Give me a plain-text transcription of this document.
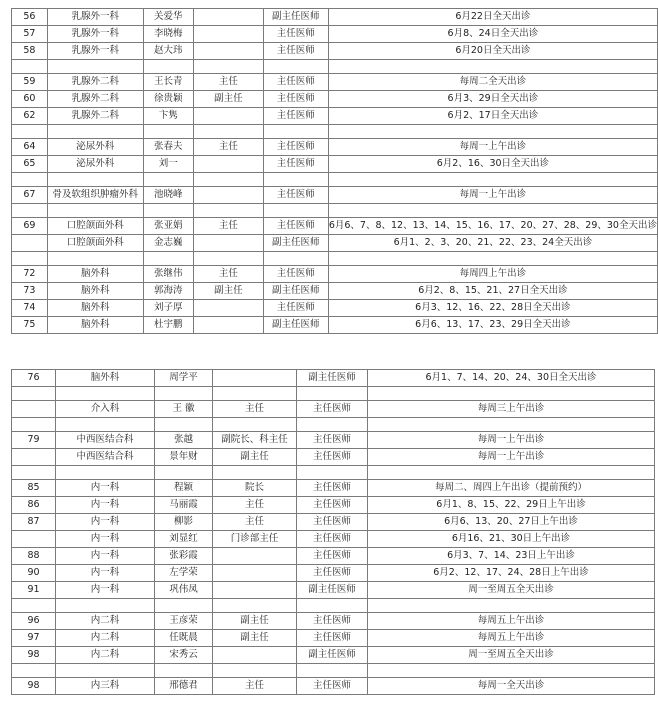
56	乳腺外一科	关爱华		副主任医师	6月22日全天出诊
57	乳腺外一科	李晓梅		主任医师	6月8、24日全天出诊
58	乳腺外一科	赵大玮		主任医师	6月20日全天出诊

59	乳腺外二科	王长青	主任	主任医师	每周二全天出诊
60	乳腺外二科	徐贵颖	副主任	主任医师	6月3、29日全天出诊
62	乳腺外二科	卞隽		主任医师	6月2、17日全天出诊

64	泌尿外科	张春夫	主任	主任医师	每周一上午出诊
65	泌尿外科	刘一		主任医师	6月2、16、30日全天出诊

67	骨及软组织肿瘤外科	池晓峰		主任医师	每周一上午出诊

69	口腔颌面外科	张亚娟	主任	主任医师	6月6、7、8、12、13、14、15、16、17、20、27、28、29、30全天出诊
	口腔颌面外科	金志巍		副主任医师	6月1、2、3、20、21、22、23、24全天出诊

72	脑外科	张继伟	主任	主任医师	每周四上午出诊
73	脑外科	郭海涛	副主任	副主任医师	6月2、8、15、21、27日全天出诊
74	脑外科	刘子厚		主任医师	6月3、12、16、22、28日全天出诊
75	脑外科	杜宇鹏		副主任医师	6月6、13、17、23、29日全天出诊
76	脑外科	周学平		副主任医师	6月1、7、14、20、24、30日全天出诊

	介入科	王 徽	主任	主任医师	每周三上午出诊

79	中西医结合科	张越	副院长、科主任	主任医师	每周一上午出诊
	中西医结合科	景年财	副主任	主任医师	每周一上午出诊

85	内一科	程颖	院长	主任医师	每周二、周四上午出诊（提前预约）
86	内一科	马丽霞	主任	主任医师	6月1、8、15、22、29日上午出诊
87	内一科	柳影	主任	主任医师	6月6、13、20、27日上午出诊
	内一科	刘显红	门诊部主任	主任医师	6月16、21、30日上午出诊
88	内一科	张彩霞		主任医师	6月3、7、14、23日上午出诊
90	内一科	左学荣		主任医师	6月2、12、17、24、28日上午出诊
91	内一科	巩伟凤		副主任医师	周一至周五全天出诊

96	内二科	王彦荣	副主任	主任医师	每周五上午出诊
97	内二科	任既晨	副主任	主任医师	每周五上午出诊
98	内二科	宋秀云		副主任医师	周一至周五全天出诊

98	内三科	邢德君	主任	主任医师	每周一全天出诊
